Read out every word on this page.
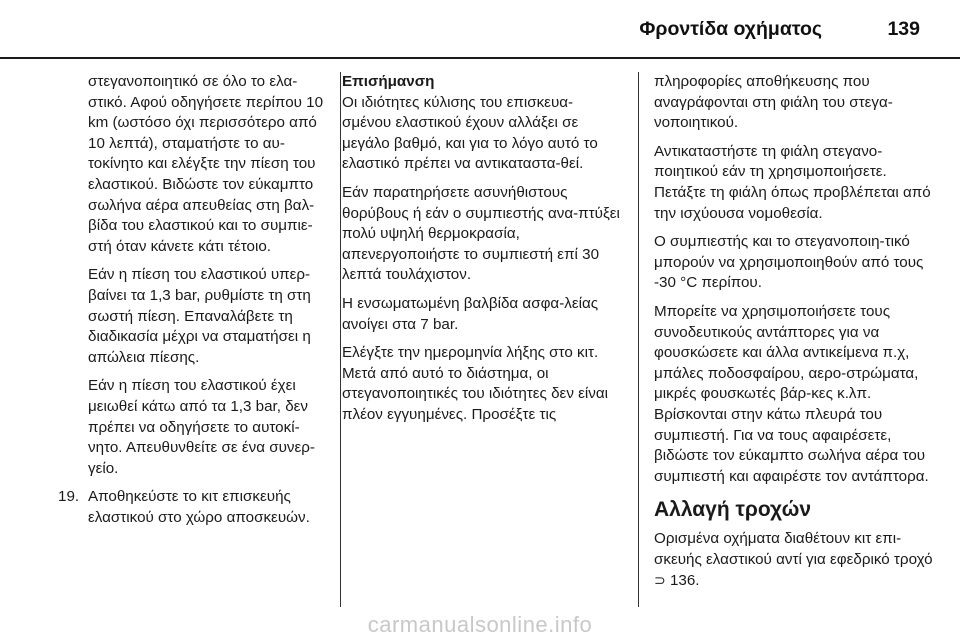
Φροντίδα οχήματος	139

στεγανοποιητικό σε όλο το ελα-στικό. Αφού οδηγήσετε περίπου 10 km (ωστόσο όχι περισσότερο από 10 λεπτά), σταματήστε το αυ-τοκίνητο και ελέγξτε την πίεση του ελαστικού. Βιδώστε τον εύκαμπτο σωλήνα αέρα απευθείας στη βαλ-βίδα του ελαστικού και το συμπιε-στή όταν κάνετε κάτι τέτοιο.

Εάν η πίεση του ελαστικού υπερ-βαίνει τα 1,3 bar, ρυθμίστε τη στη σωστή πίεση. Επαναλάβετε τη διαδικασία μέχρι να σταματήσει η απώλεια πίεσης.

Εάν η πίεση του ελαστικού έχει μειωθεί κάτω από τα 1,3 bar, δεν πρέπει να οδηγήσετε το αυτοκί-νητο. Απευθυνθείτε σε ένα συνερ-γείο.

19. Αποθηκεύστε το κιτ επισκευής ελαστικού στο χώρο αποσκευών.
Επισήμανση

Οι ιδιότητες κύλισης του επισκευα-σμένου ελαστικού έχουν αλλάξει σε μεγάλο βαθμό, και για το λόγο αυτό το ελαστικό πρέπει να αντικαταστα-θεί.

Εάν παρατηρήσετε ασυνήθιστους θορύβους ή εάν ο συμπιεστής ανα-πτύξει πολύ υψηλή θερμοκρασία, απενεργοποιήστε το συμπιεστή επί 30 λεπτά τουλάχιστον.

Η ενσωματωμένη βαλβίδα ασφα-λείας ανοίγει στα 7 bar.

Ελέγξτε την ημερομηνία λήξης στο κιτ. Μετά από αυτό το διάστημα, οι στεγανοποιητικές του ιδιότητες δεν είναι πλέον εγγυημένες. Προσέξτε τις

πληροφορίες αποθήκευσης που αναγράφονται στη φιάλη του στεγα-νοποιητικού.

Αντικαταστήστε τη φιάλη στεγανο-ποιητικού εάν τη χρησιμοποιήσετε. Πετάξτε τη φιάλη όπως προβλέπεται από την ισχύουσα νομοθεσία.

Ο συμπιεστής και το στεγανοποιη-τικό μπορούν να χρησιμοποιηθούν από τους -30 °C περίπου.

Μπορείτε να χρησιμοποιήσετε τους συνοδευτικούς αντάπτορες για να φουσκώσετε και άλλα αντικείμενα π.χ, μπάλες ποδοσφαίρου, αερο-στρώματα, μικρές φουσκωτές βάρ-κες κ.λπ. Βρίσκονται στην κάτω πλευρά του συμπιεστή. Για να τους αφαιρέσετε, βιδώστε τον εύκαμπτο σωλήνα αέρα του συμπιεστή και αφαιρέστε τον αντάπτορα.

Αλλαγή τροχών

Ορισμένα οχήματα διαθέτουν κιτ επι-σκευής ελαστικού αντί για εφεδρικό τροχό ⊃ 136.

carmanualsonline.info
